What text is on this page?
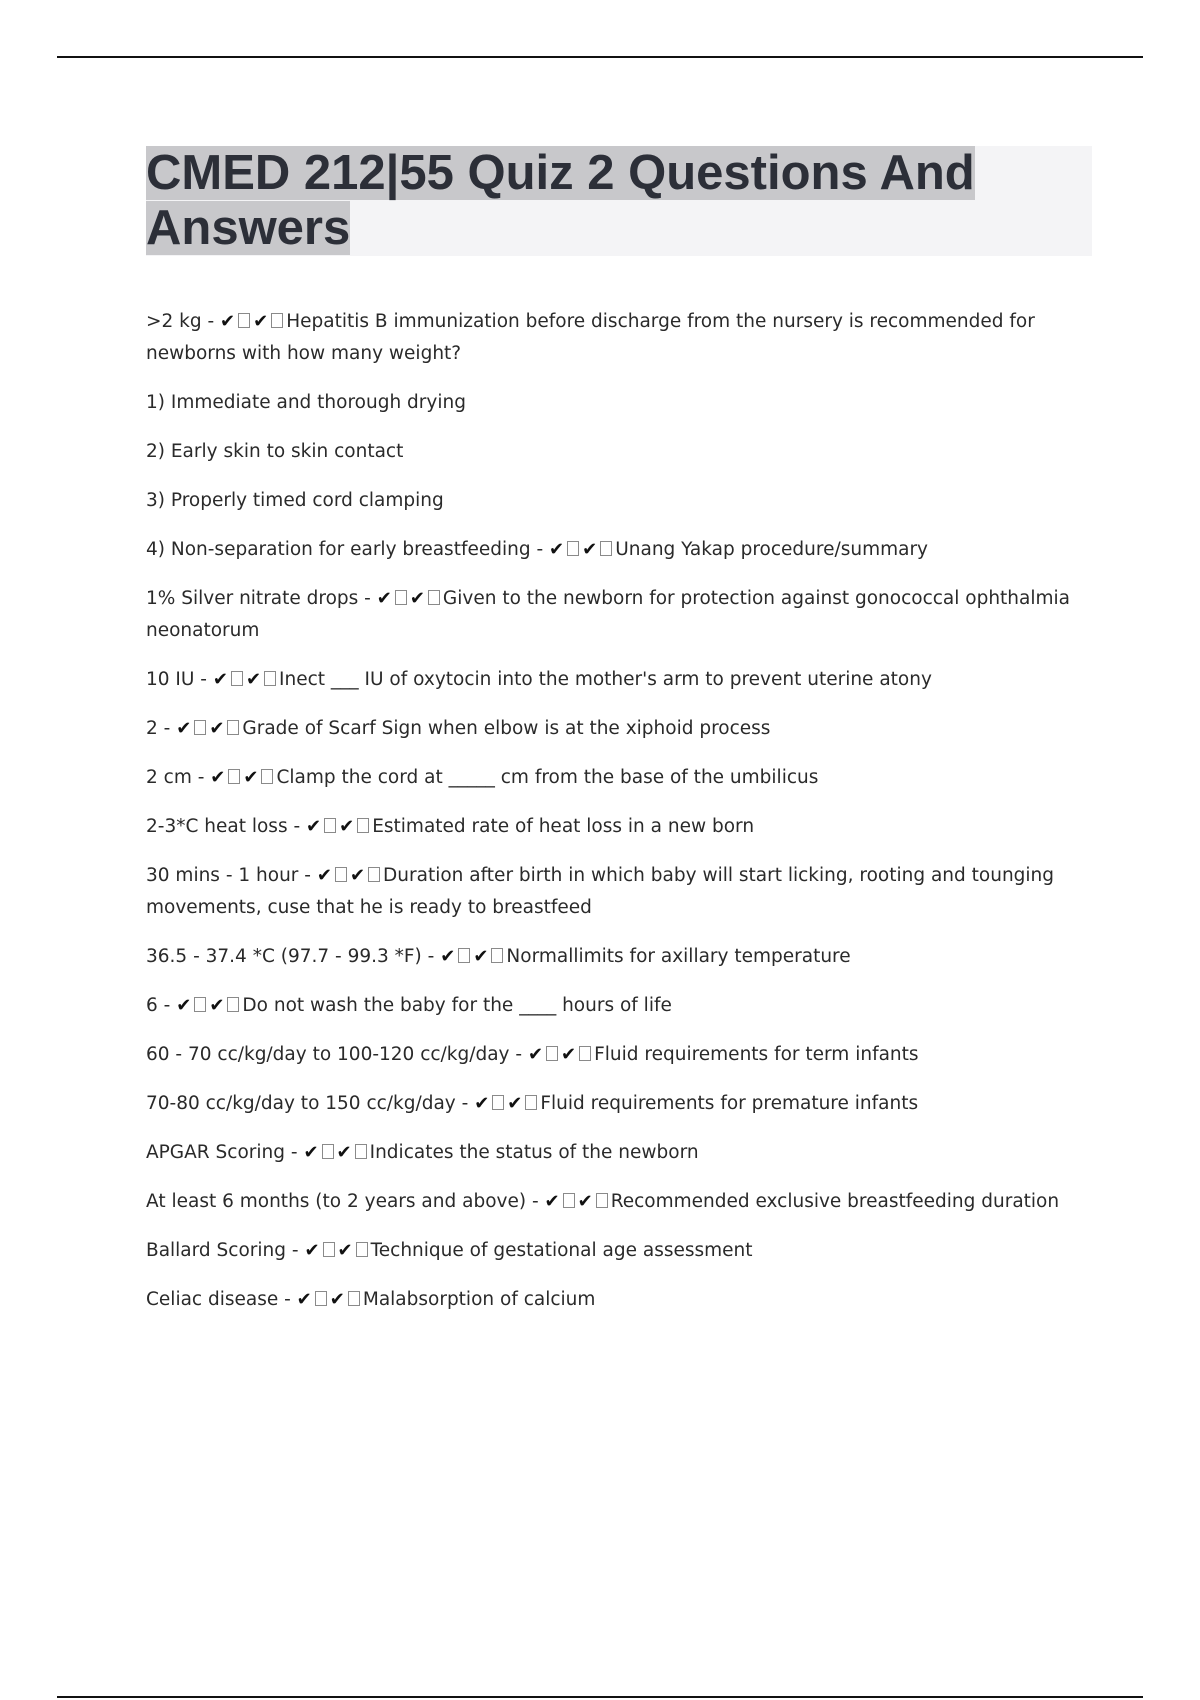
CMED 212|55 Quiz 2 Questions And Answers

>2 kg - ✔ ✔ Hepatitis B immunization before discharge from the nursery is recommended for newborns with how many weight?

1) Immediate and thorough drying

2) Early skin to skin contact

3) Properly timed cord clamping

4) Non-separation for early breastfeeding - ✔ ✔ Unang Yakap procedure/summary

1% Silver nitrate drops - ✔ ✔ Given to the newborn for protection against gonococcal ophthalmia neonatorum

10 IU - ✔ ✔ Inect ___ IU of oxytocin into the mother's arm to prevent uterine atony

2 - ✔ ✔ Grade of Scarf Sign when elbow is at the xiphoid process

2 cm - ✔ ✔ Clamp the cord at _____ cm from the base of the umbilicus

2-3*C heat loss - ✔ ✔ Estimated rate of heat loss in a new born

30 mins - 1 hour - ✔ ✔ Duration after birth in which baby will start licking, rooting and tounging movements, cuse that he is ready to breastfeed

36.5 - 37.4 *C (97.7 - 99.3 *F) - ✔ ✔ Normallimits for axillary temperature

6 - ✔ ✔ Do not wash the baby for the ____ hours of life

60 - 70 cc/kg/day to 100-120 cc/kg/day - ✔ ✔ Fluid requirements for term infants

70-80 cc/kg/day to 150 cc/kg/day - ✔ ✔ Fluid requirements for premature infants

APGAR Scoring - ✔ ✔ Indicates the status of the newborn

At least 6 months (to 2 years and above) - ✔ ✔ Recommended exclusive breastfeeding duration

Ballard Scoring - ✔ ✔ Technique of gestational age assessment

Celiac disease - ✔ ✔ Malabsorption of calcium
